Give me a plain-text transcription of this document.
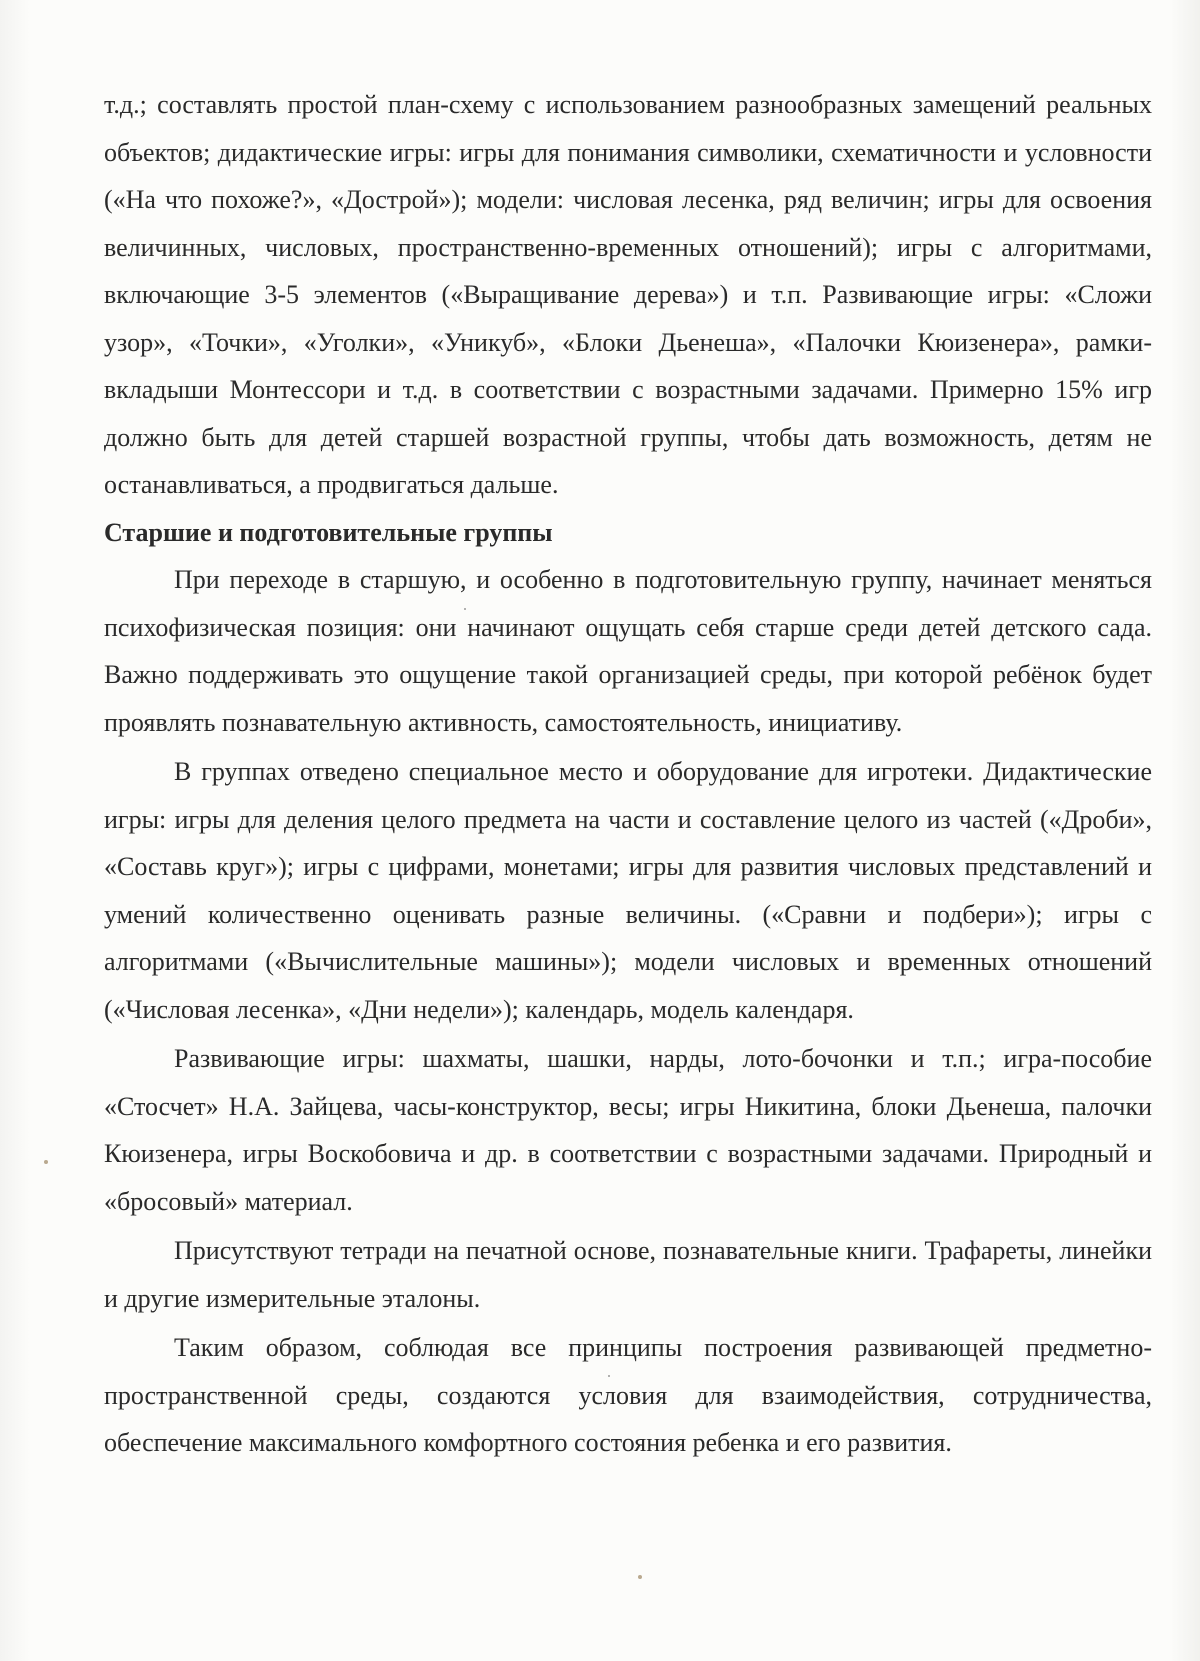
т.д.; составлять простой план-схему с использованием разнообразных замещений реальных объектов; дидактические игры: игры для понимания символики, схематичности и условности («На что похоже?», «Дострой»); модели: числовая лесенка, ряд величин; игры для освоения величинных, числовых, пространственно-временных отношений); игры с алгоритмами, включающие 3-5 элементов («Выращивание дерева») и т.п. Развивающие игры: «Сложи узор», «Точки», «Уголки», «Уникуб», «Блоки Дьенеша», «Палочки Кюизенера», рамки-вкладыши Монтессори и т.д. в соответствии с возрастными задачами. Примерно 15% игр должно быть для детей старшей возрастной группы, чтобы дать возможность, детям не останавливаться, а продвигаться дальше.

Старшие и подготовительные группы

При переходе в старшую, и особенно в подготовительную группу, начинает меняться психофизическая позиция: они начинают ощущать себя старше среди детей детского сада. Важно поддерживать это ощущение такой организацией среды, при которой ребёнок будет проявлять познавательную активность, самостоятельность, инициативу.

В группах отведено специальное место и оборудование для игротеки. Дидактические игры: игры для деления целого предмета на части и составление целого из частей («Дроби», «Составь круг»); игры с цифрами, монетами; игры для развития числовых представлений и умений количественно оценивать разные величины. («Сравни и подбери»); игры с алгоритмами («Вычислительные машины»); модели числовых и временных отношений («Числовая лесенка», «Дни недели»); календарь, модель календаря.

Развивающие игры: шахматы, шашки, нарды, лото-бочонки и т.п.; игра-пособие «Стосчет» Н.А. Зайцева, часы-конструктор, весы; игры Никитина, блоки Дьенеша, палочки Кюизенера, игры Воскобовича и др. в соответствии с возрастными задачами. Природный и «бросовый» материал.

Присутствуют тетради на печатной основе, познавательные книги. Трафареты, линейки и другие измерительные эталоны.

Таким образом, соблюдая все принципы построения развивающей предметно-пространственной среды, создаются условия для взаимодействия, сотрудничества, обеспечение максимального комфортного состояния ребенка и его развития.
